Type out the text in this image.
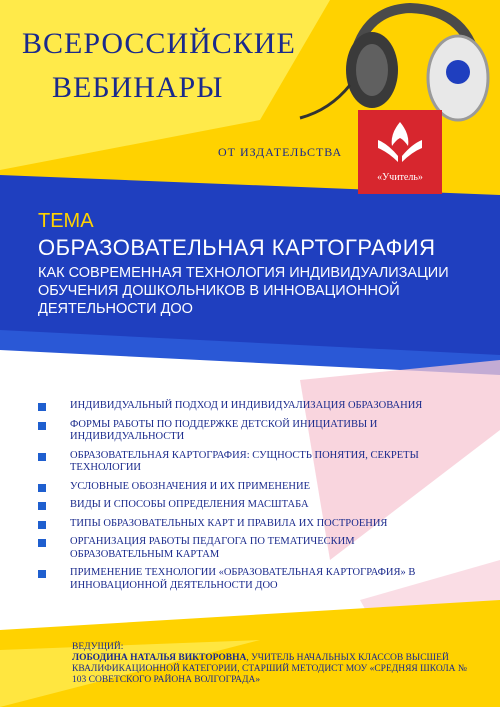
ВСЕРОССИЙСКИЕ
ВЕБИНАРЫ
ОТ ИЗДАТЕЛЬСТВА
«Учитель»
ТЕМА
ОБРАЗОВАТЕЛЬНАЯ КАРТОГРАФИЯ
КАК СОВРЕМЕННАЯ ТЕХНОЛОГИЯ ИНДИВИДУАЛИЗАЦИИ ОБУЧЕНИЯ ДОШКОЛЬНИКОВ В ИННОВАЦИОННОЙ ДЕЯТЕЛЬНОСТИ ДОО
ИНДИВИДУАЛЬНЫЙ ПОДХОД И ИНДИВИДУАЛИЗАЦИЯ ОБРАЗОВАНИЯ
ФОРМЫ РАБОТЫ ПО ПОДДЕРЖКЕ ДЕТСКОЙ ИНИЦИАТИВЫ И ИНДИВИДУАЛЬНОСТИ
ОБРАЗОВАТЕЛЬНАЯ КАРТОГРАФИЯ: СУЩНОСТЬ ПОНЯТИЯ, СЕКРЕТЫ ТЕХНОЛОГИИ
УСЛОВНЫЕ ОБОЗНАЧЕНИЯ И ИХ ПРИМЕНЕНИЕ
ВИДЫ И СПОСОБЫ ОПРЕДЕЛЕНИЯ МАСШТАБА
ТИПЫ ОБРАЗОВАТЕЛЬНЫХ КАРТ И ПРАВИЛА ИХ ПОСТРОЕНИЯ
ОРГАНИЗАЦИЯ РАБОТЫ ПЕДАГОГА ПО ТЕМАТИЧЕСКИМ ОБРАЗОВАТЕЛЬНЫМ КАРТАМ
ПРИМЕНЕНИЕ ТЕХНОЛОГИИ «ОБРАЗОВАТЕЛЬНАЯ КАРТОГРАФИЯ» В ИННОВАЦИОННОЙ ДЕЯТЕЛЬНОСТИ ДОО
ВЕДУЩИЙ:
ЛОБОДИНА НАТАЛЬЯ ВИКТОРОВНА, УЧИТЕЛЬ НАЧАЛЬНЫХ КЛАССОВ ВЫСШЕЙ КВАЛИФИКАЦИОННОЙ КАТЕГОРИИ, СТАРШИЙ МЕТОДИСТ МОУ «СРЕДНЯЯ ШКОЛА № 103 СОВЕТСКОГО РАЙОНА ВОЛГОГРАДА»
